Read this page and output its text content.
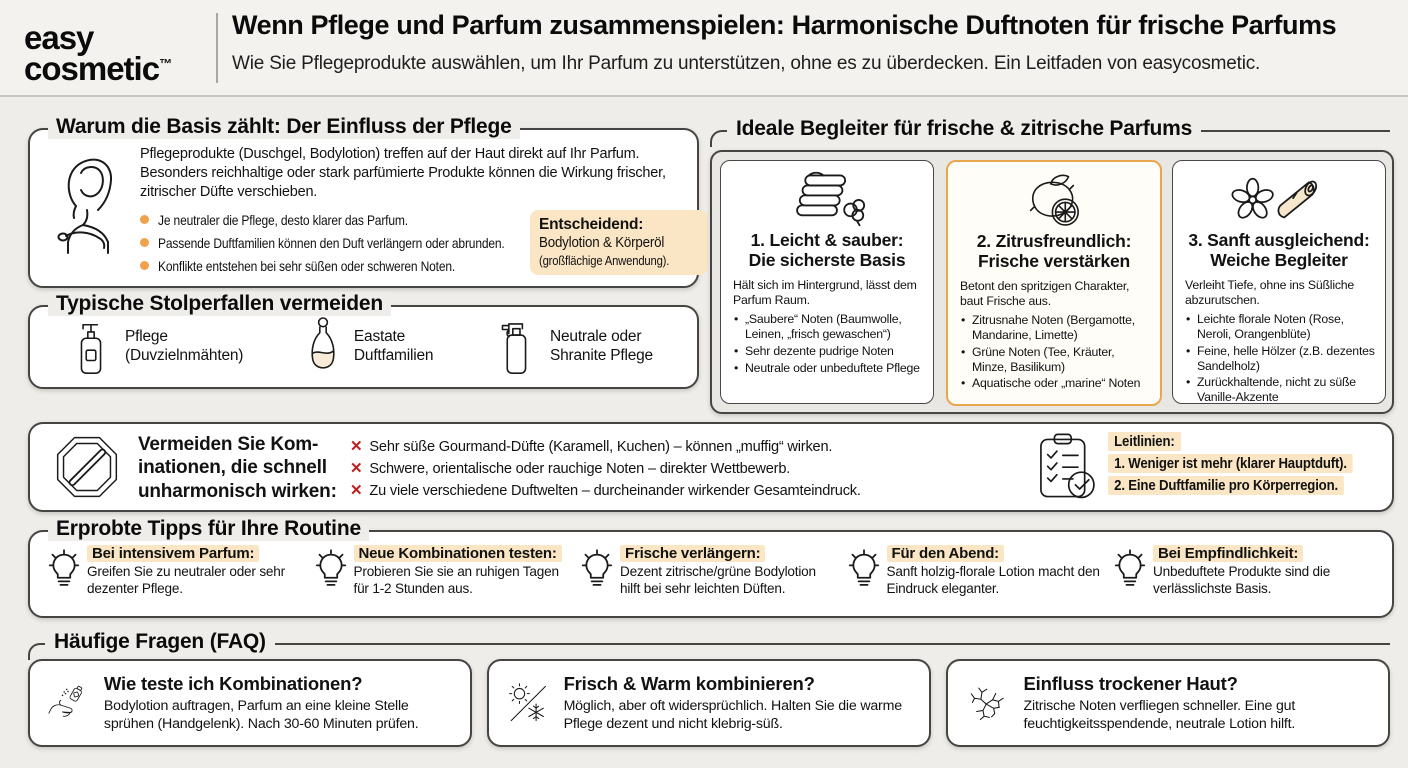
easy
cosmetic™
Wenn Pflege und Parfum zusammenspielen: Harmonische Duftnoten für frische Parfums
Wie Sie Pflegeprodukte auswählen, um Ihr Parfum zu unterstützen, ohne es zu überdecken. Ein Leitfaden von easycosmetic.
Warum die Basis zählt: Der Einfluss der Pflege
Pflegeprodukte (Duschgel, Bodylotion) treffen auf der Haut direkt auf Ihr Parfum. Besonders reichhaltige oder stark parfümierte Produkte können die Wirkung frischer, zitrischer Düfte verschieben.
Je neutraler die Pflege, desto klarer das Parfum.
Passende Duftfamilien können den Duft verlängern oder abrunden.
Konflikte entstehen bei sehr süßen oder schweren Noten.
Entscheidend:
Bodylotion & Körperöl
(großflächige Anwendung).
Typische Stolperfallen vermeiden
Pflege
(Duvzielnmähten)
Eastate
Duftfamilien
Neutrale oder
Shranite Pflege
Ideale Begleiter für frische & zitrische Parfums
1. Leicht & sauber:
Die sicherste Basis
Hält sich im Hintergrund, lässt dem Parfum Raum.
• „Saubere“ Noten (Baumwolle, Leinen, „frisch gewaschen“)
• Sehr dezente pudrige Noten
• Neutrale oder unbeduftete Pflege
2. Zitrusfreundlich:
Frische verstärken
Betont den spritzigen Charakter, baut Frische aus.
• Zitrusnahe Noten (Bergamotte, Mandarine, Limette)
• Grüne Noten (Tee, Kräuter, Minze, Basilikum)
• Aquatische oder „marine“ Noten
3. Sanft ausgleichend:
Weiche Begleiter
Verleiht Tiefe, ohne ins Süßliche abzurutschen.
• Leichte florale Noten (Rose, Neroli, Orangenblüte)
• Feine, helle Hölzer (z.B. dezentes Sandelholz)
• Zurückhaltende, nicht zu süße Vanille-Akzente
Vermeiden Sie Kom-
inationen, die schnell
unharmonisch wirken:
✕ Sehr süße Gourmand-Düfte (Karamell, Kuchen) – können „muffig“ wirken.
✕ Schwere, orientalische oder rauchige Noten – direkter Wettbewerb.
✕ Zu viele verschiedene Duftwelten – durcheinander wirkender Gesamteindruck.
Leitlinien:
1. Weniger ist mehr (klarer Hauptduft).
2. Eine Duftfamilie pro Körperregion.
Erprobte Tipps für Ihre Routine
Bei intensivem Parfum:
Greifen Sie zu neutraler oder sehr dezenter Pflege.
Neue Kombinationen testen:
Probieren Sie sie an ruhigen Tagen für 1-2 Stunden aus.
Frische verlängern:
Dezent zitrische/grüne Bodylotion hilft bei sehr leichten Düften.
Für den Abend:
Sanft holzig-florale Lotion macht den Eindruck eleganter.
Bei Empfindlichkeit:
Unbeduftete Produkte sind die verlässlichste Basis.
Häufige Fragen (FAQ)
Wie teste ich Kombinationen?
Bodylotion auftragen, Parfum an eine kleine Stelle sprühen (Handgelenk). Nach 30-60 Minuten prüfen.
Frisch & Warm kombinieren?
Möglich, aber oft widersprüchlich. Halten Sie die warme Pflege dezent und nicht klebrig-süß.
Einfluss trockener Haut?
Zitrische Noten verfliegen schneller. Eine gut feuchtigkeitsspendende, neutrale Lotion hilft.
